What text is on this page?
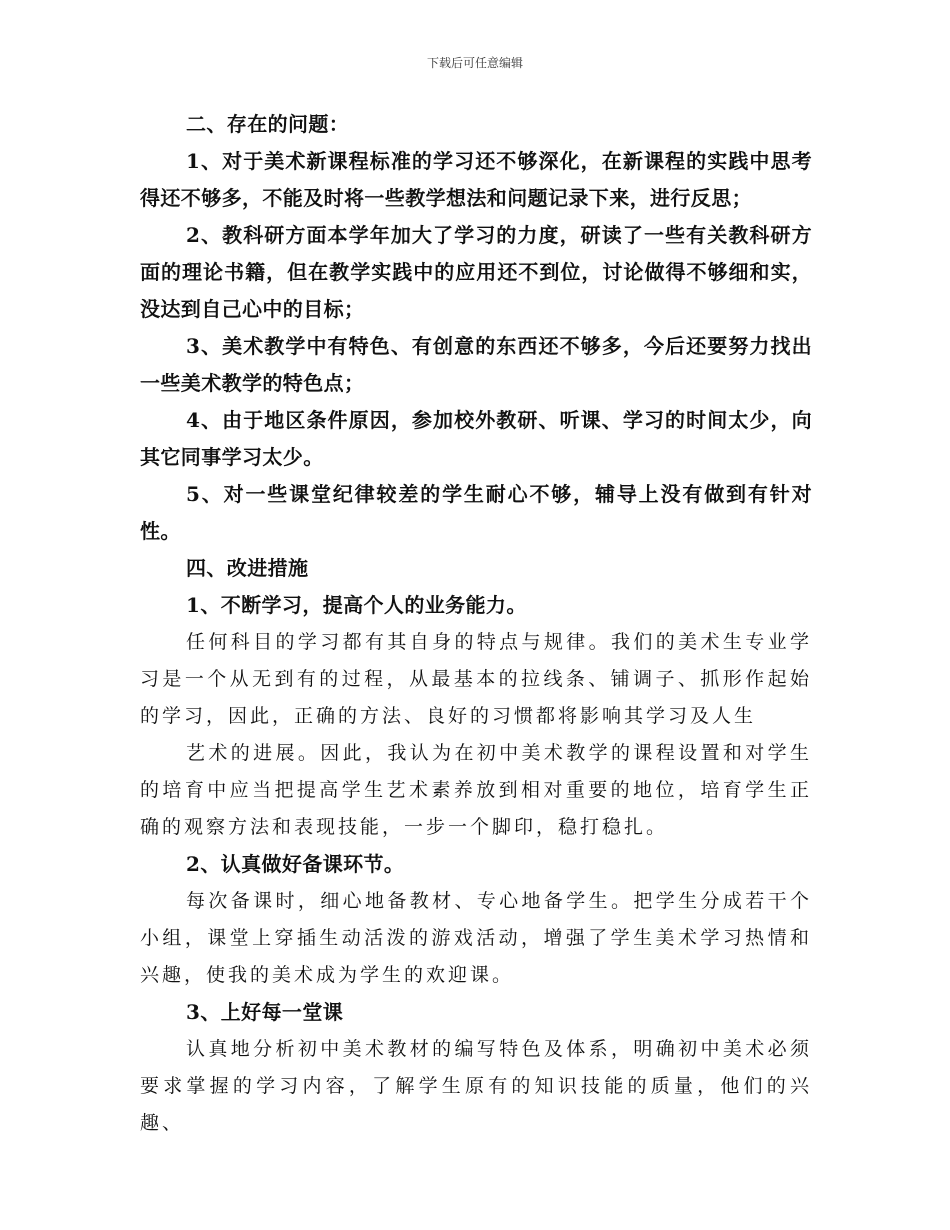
下载后可任意编辑

二、存在的问题：

1、对于美术新课程标准的学习还不够深化，在新课程的实践中思考得还不够多，不能及时将一些教学想法和问题记录下来，进行反思；

2、教科研方面本学年加大了学习的力度，研读了一些有关教科研方面的理论书籍，但在教学实践中的应用还不到位，讨论做得不够细和实，没达到自己心中的目标；

3、美术教学中有特色、有创意的东西还不够多，今后还要努力找出一些美术教学的特色点；

4、由于地区条件原因，参加校外教研、听课、学习的时间太少，向其它同事学习太少。

5、对一些课堂纪律较差的学生耐心不够，辅导上没有做到有针对性。

四、改进措施

1、不断学习，提高个人的业务能力。

任何科目的学习都有其自身的特点与规律。我们的美术生专业学习是一个从无到有的过程，从最基本的拉线条、铺调子、抓形作起始的学习，因此，正确的方法、良好的习惯都将影响其学习及人生

艺术的进展。因此，我认为在初中美术教学的课程设置和对学生的培育中应当把提高学生艺术素养放到相对重要的地位，培育学生正确的观察方法和表现技能，一步一个脚印，稳打稳扎。

2、认真做好备课环节。

每次备课时，细心地备教材、专心地备学生。把学生分成若干个小组，课堂上穿插生动活泼的游戏活动，增强了学生美术学习热情和兴趣，使我的美术成为学生的欢迎课。

3、上好每一堂课

认真地分析初中美术教材的编写特色及体系，明确初中美术必须要求掌握的学习内容，了解学生原有的知识技能的质量，他们的兴趣、
